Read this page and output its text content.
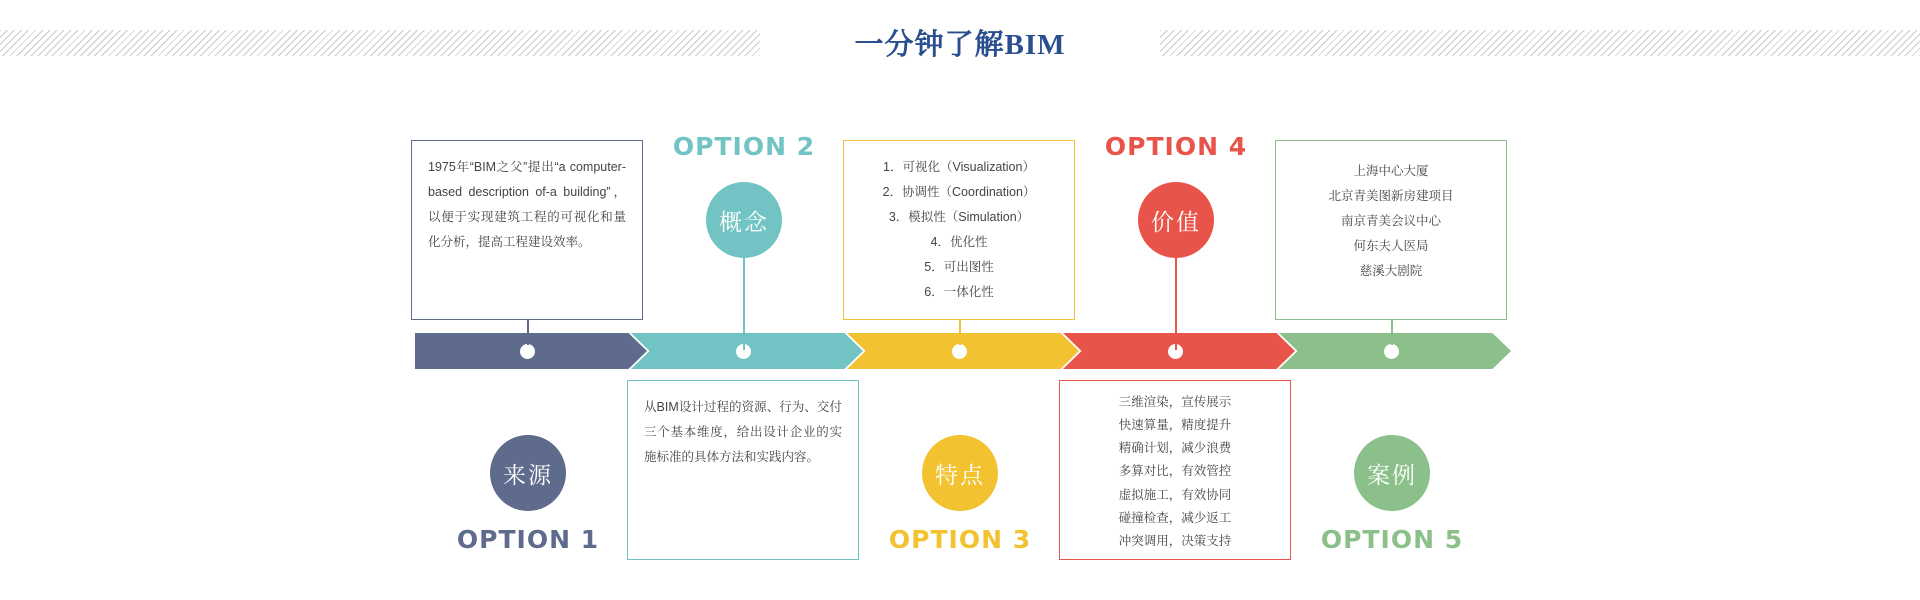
一分钟了解BIM
来源
概念
特点
价值
案例
OPTION 1
OPTION 2
OPTION 3
OPTION 4
OPTION 5

1975年“BIM之父”提出“a computer-based description of-a building”，以便于实现建筑工程的可视化和量化分析，提高工程建设效率。

从BIM设计过程的资源、行为、交付三个基本维度，给出设计企业的实施标准的具体方法和实践内容。

1．可视化（Visualization）
2．协调性（Coordination）
3．模拟性（Simulation）
4．优化性
5．可出图性
6．一体化性

三维渲染，宣传展示

快速算量，精度提升

精确计划，减少浪费

多算对比，有效管控

虚拟施工，有效协同

碰撞检查，减少返工

冲突调用，决策支持

上海中心大厦

北京青美图新房建项目

南京青美会议中心

何东夫人医局

慈溪大剧院
